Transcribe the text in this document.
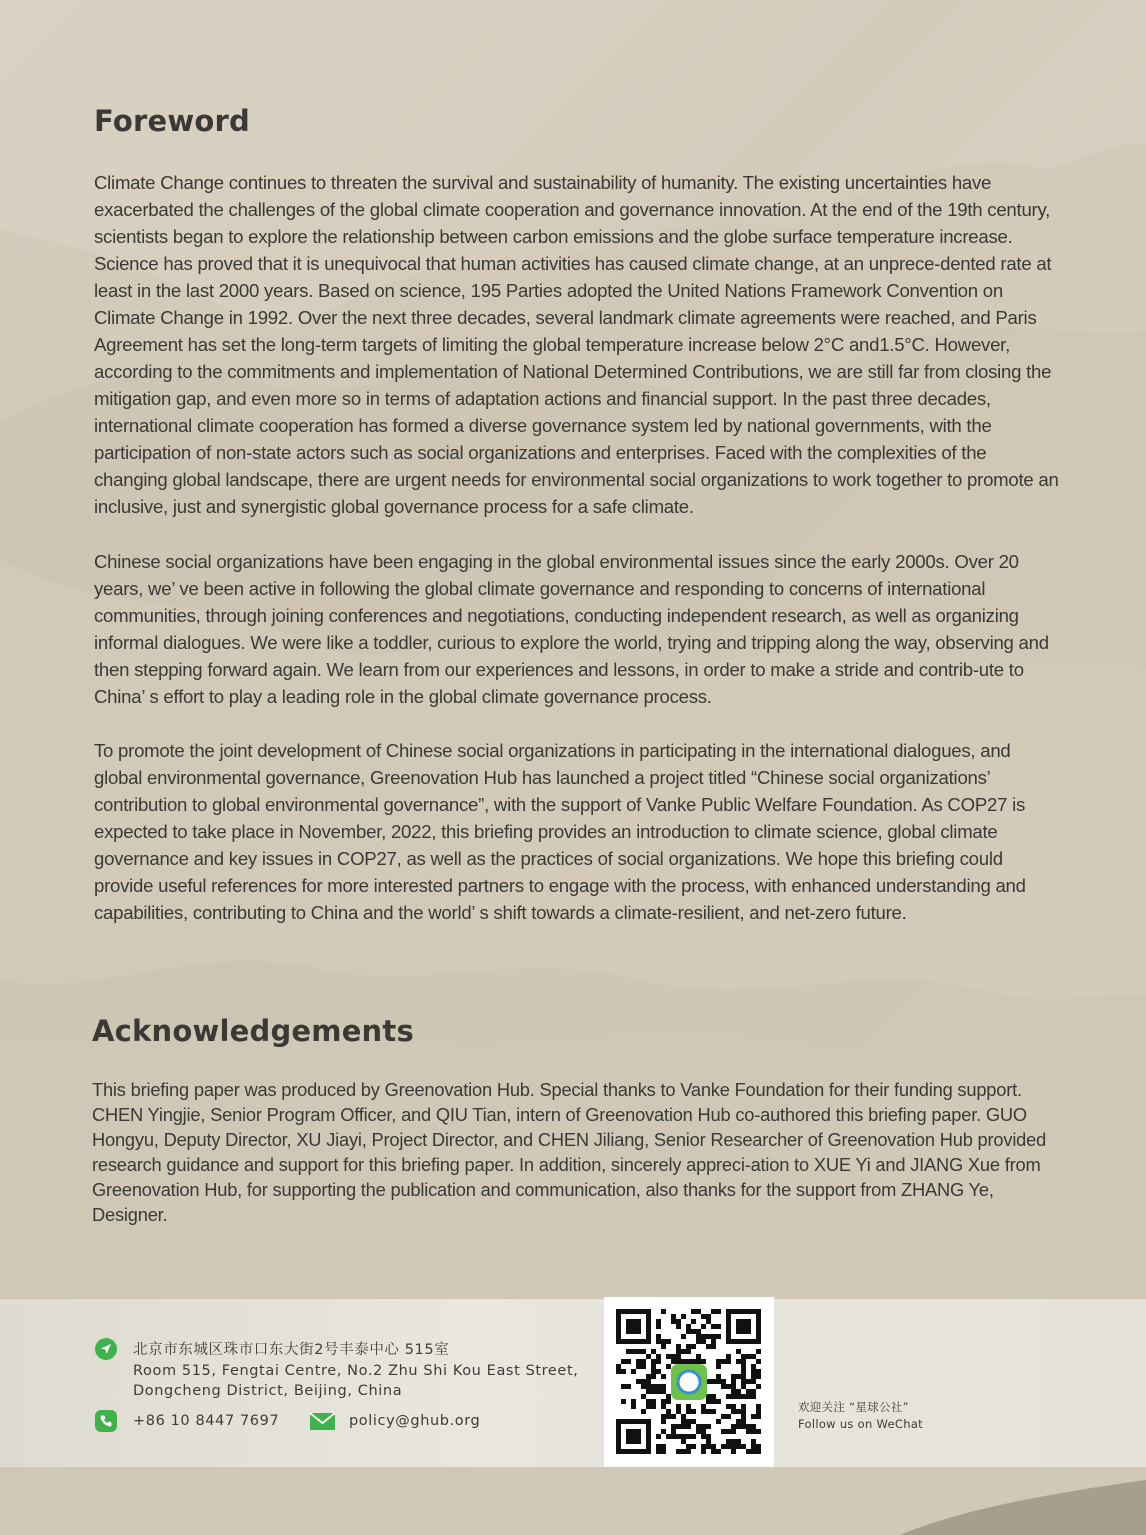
Foreword

Climate Change continues to threaten the survival and sustainability of humanity. The existing uncertainties have exacerbated the challenges of the global climate cooperation and governance innovation. At the end of the 19th century, scientists began to explore the relationship between carbon emissions and the globe surface temperature increase. Science has proved that it is unequivocal that human activities has caused climate change, at an unprece-dented rate at least in the last 2000 years. Based on science, 195 Parties adopted the United Nations Framework Convention on Climate Change in 1992. Over the next three decades, several landmark climate agreements were reached, and Paris Agreement has set the long-term targets of limiting the global temperature increase below 2°C and1.5°C. However, according to the commitments and implementation of National Determined Contributions, we are still far from closing the mitigation gap, and even more so in terms of adaptation actions and financial support. In the past three decades, international climate cooperation has formed a diverse governance system led by national governments, with the participation of non-state actors such as social organizations and enterprises. Faced with the complexities of the changing global landscape, there are urgent needs for environmental social organizations to work together to promote an inclusive, just and synergistic global governance process for a safe climate.

Chinese social organizations have been engaging in the global environmental issues since the early 2000s. Over 20 years, we’ ve been active in following the global climate governance and responding to concerns of international communities, through joining conferences and negotiations, conducting independent research, as well as organizing informal dialogues. We were like a toddler, curious to explore the world, trying and tripping along the way, observing and then stepping forward again. We learn from our experiences and lessons, in order to make a stride and contrib-ute to China’ s effort to play a leading role in the global climate governance process.

To promote the joint development of Chinese social organizations in participating in the international dialogues, and global environmental governance, Greenovation Hub has launched a project titled “Chinese social organizations’ contribution to global environmental governance”, with the support of Vanke Public Welfare Foundation. As COP27 is expected to take place in November, 2022, this briefing provides an introduction to climate science, global climate governance and key issues in COP27, as well as the practices of social organizations. We hope this briefing could provide useful references for more interested partners to engage with the process, with enhanced understanding and capabilities, contributing to China and the world’ s shift towards a climate-resilient, and net-zero future.

Acknowledgements

This briefing paper was produced by Greenovation Hub. Special thanks to Vanke Foundation for their funding support. CHEN Yingjie, Senior Program Officer, and QIU Tian, intern of Greenovation Hub co-authored this briefing paper. GUO Hongyu, Deputy Director, XU Jiayi, Project Director, and CHEN Jiliang, Senior Researcher of Greenovation Hub provided research guidance and support for this briefing paper. In addition, sincerely appreci-ation to XUE Yi and JIANG Xue from Greenovation Hub, for supporting the publication and communication, also thanks for the support from ZHANG Ye, Designer.

北京市东城区珠市口东大街2号丰泰中心 515室
Room 515, Fengtai Centre, No.2 Zhu Shi Kou East Street,
Dongcheng District, Beijing, China
+86 10 8447 7697	policy@ghub.org
欢迎关注 “星球公社”
Follow us on WeChat
